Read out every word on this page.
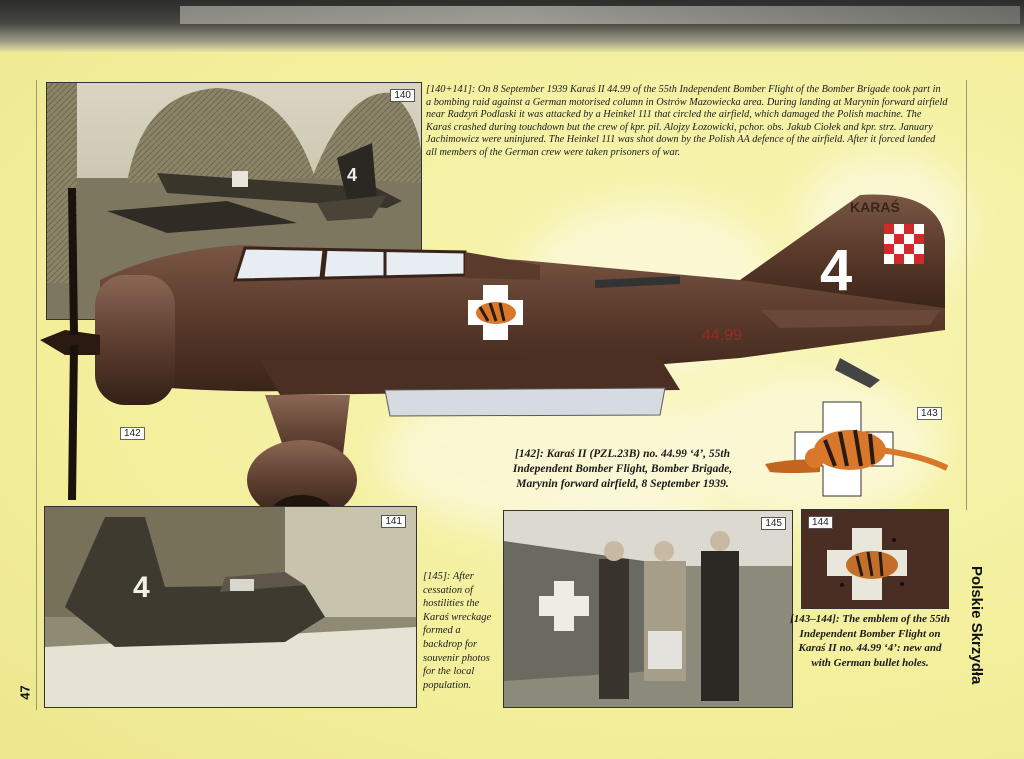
4
140
[140+141]: On 8 September 1939 Karaś II 44.99 of the 55th Independent Bomber Flight of the Bomber Brigade took part in a bombing raid against a German motorised column in Ostrów Mazowiecka area. During landing at Marynin forward airfield near Radzyń Podlaski it was attacked by a Heinkel 111 that circled the airfield, which damaged the Polish machine. The Karaś crashed during touchdown but the crew of kpr. pil. Alojzy Łozowicki, pchor. obs. Jakub Ciołek and kpr. strz. January Jachimowicz were uninjured. The Heinkel 111 was shot down by the Polish AA defence of the airfield. After it forced landed all members of the German crew were taken prisoners of war.
KARAŚ
4
44.99
142
[142]: Karaś II (PZL.23B) no. 44.99 ‘4’, 55th Independent Bomber Flight, Bomber Brigade, Marynin forward airfield, 8 September 1939.
143
4
141
[145]: After cessation of hostilities the Karaś wreckage formed a backdrop for souvenir photos for the local population.
145	144
[143–144]: The emblem of the 55th Independent Bomber Flight on Karaś II no. 44.99 ‘4’: new and with German bullet holes.	Polskie Skrzydła
47
